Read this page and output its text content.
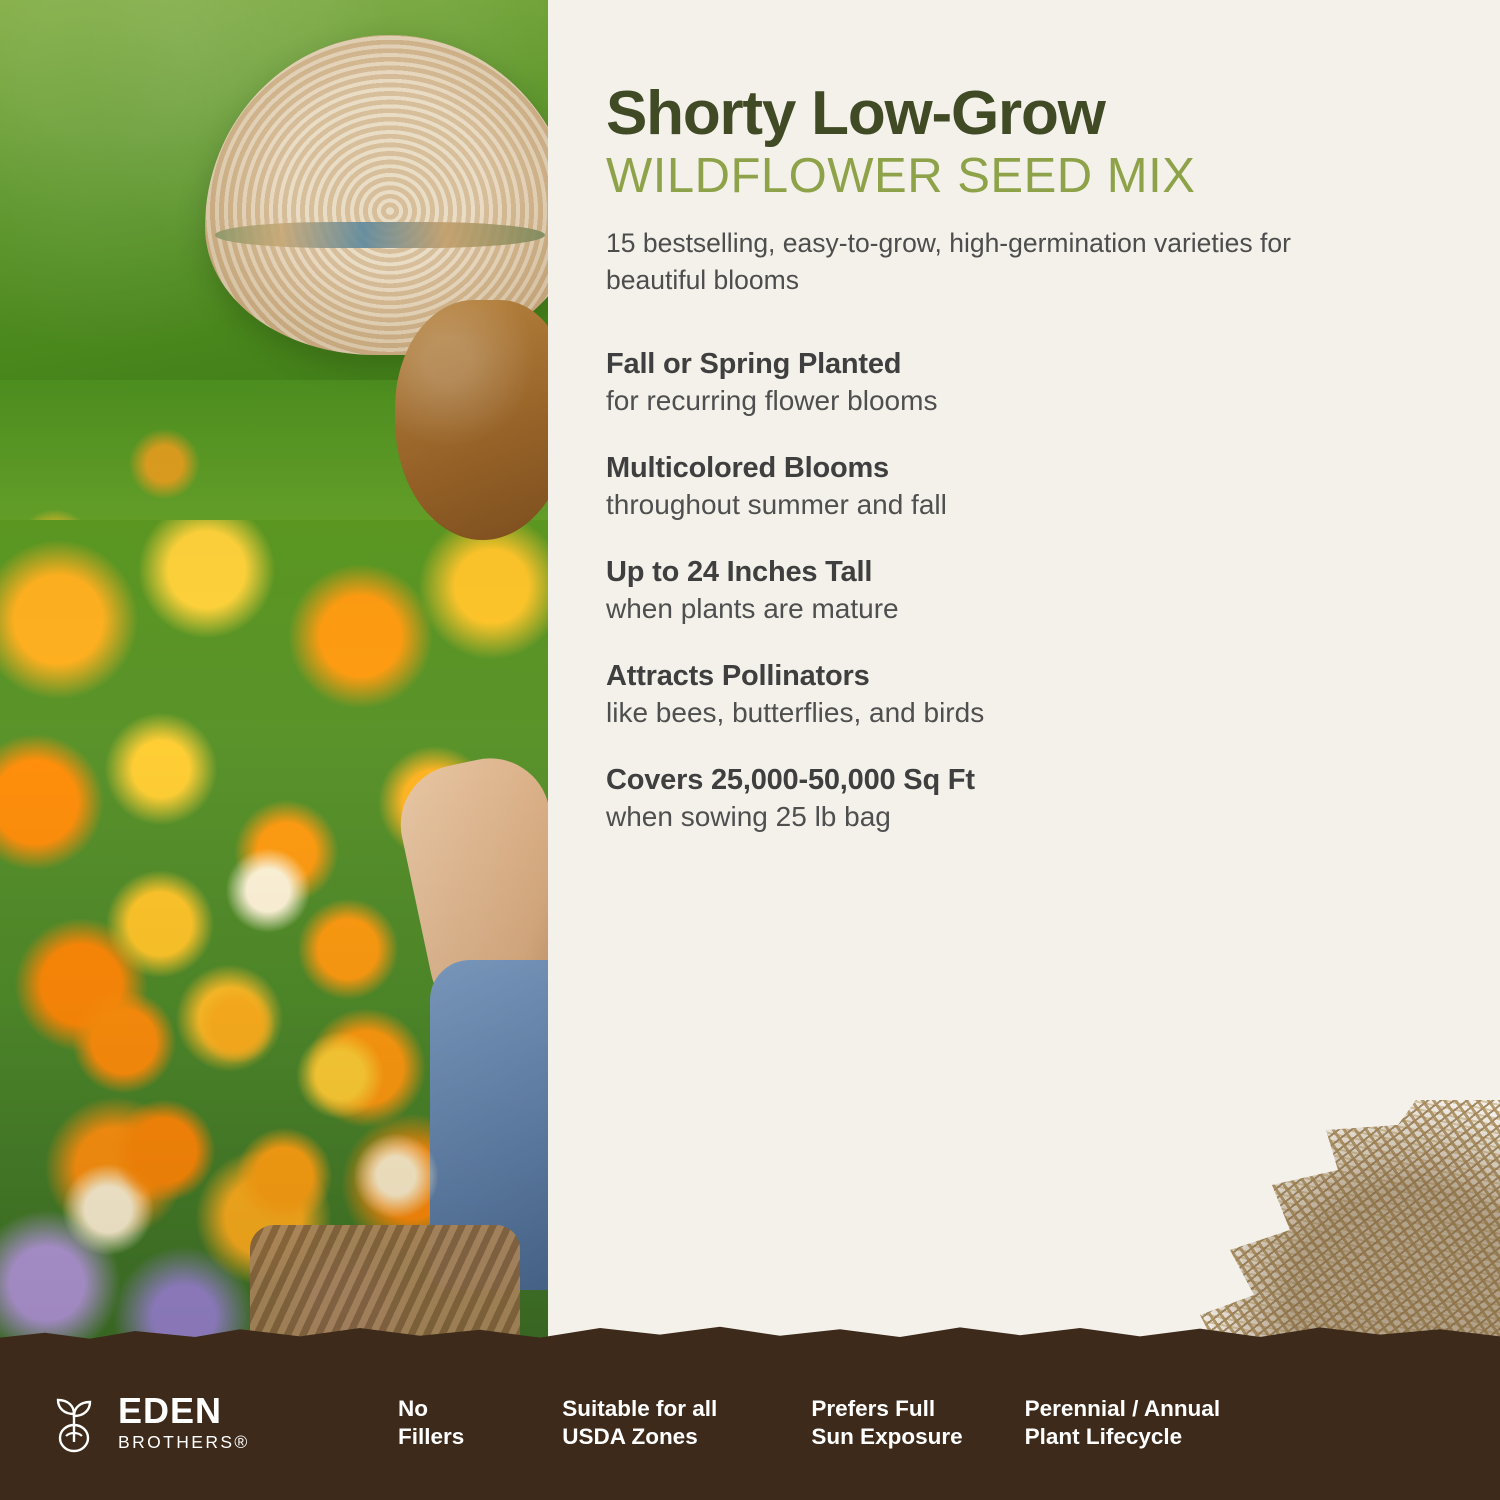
Shorty Low-Grow
WILDFLOWER SEED MIX
15 bestselling, easy-to-grow, high-germination varieties for beautiful blooms
Fall or Spring Planted
for recurring flower blooms
Multicolored Blooms
throughout summer and fall
Up to 24 Inches Tall
when plants are mature
Attracts Pollinators
like bees, butterflies, and birds
Covers 25,000-50,000 Sq Ft
when sowing 25 lb bag
EDEN
BROTHERS®
No
Fillers
Suitable for all
USDA Zones
Prefers Full
Sun Exposure
Perennial / Annual
Plant Lifecycle
